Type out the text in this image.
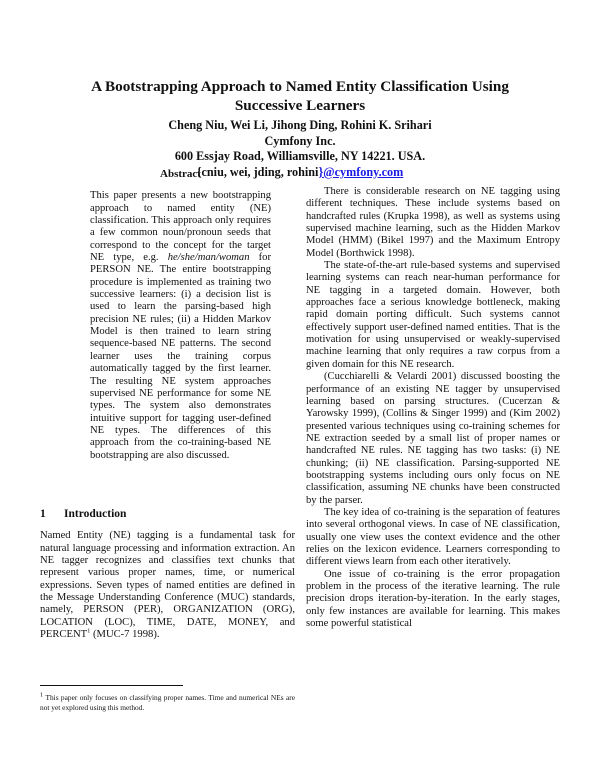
A Bootstrapping Approach to Named Entity Classification Using
Successive Learners
Cheng Niu, Wei Li, Jihong Ding, Rohini K. Srihari
Cymfony Inc.
600 Essjay Road, Williamsville, NY 14221. USA.
{cniu, wei, jding, rohini}@cymfony.com
Abstract

This paper presents a new bootstrapping approach to named entity (NE) classification. This approach only requires a few common noun/pronoun seeds that correspond to the concept for the target NE type, e.g. he/she/man/woman for PERSON NE. The entire bootstrapping procedure is implemented as training two successive learners: (i) a decision list is used to learn the parsing-based high precision NE rules; (ii) a Hidden Markov Model is then trained to learn string sequence-based NE patterns. The second learner uses the training corpus automatically tagged by the first learner. The resulting NE system approaches supervised NE performance for some NE types. The system also demonstrates intuitive support for tagging user-defined NE types. The differences of this approach from the co-training-based NE bootstrapping are also discussed.

1 Introduction

Named Entity (NE) tagging is a fundamental task for natural language processing and information extraction. An NE tagger recognizes and classifies text chunks that represent various proper names, time, or numerical expressions. Seven types of named entities are defined in the Message Understanding Conference (MUC) standards, namely, PERSON (PER), ORGANIZATION (ORG), LOCATION (LOC), TIME, DATE, MONEY, and PERCENT$^1$ (MUC-7 1998).

$^1$ This paper only focuses on classifying proper names. Time and numerical NEs are not yet explored using this method.

There is considerable research on NE tagging using different techniques. These include systems based on handcrafted rules (Krupka 1998), as well as systems using supervised machine learning, such as the Hidden Markov Model (HMM) (Bikel 1997) and the Maximum Entropy Model (Borthwick 1998).

The state-of-the-art rule-based systems and supervised learning systems can reach near-human performance for NE tagging in a targeted domain. However, both approaches face a serious knowledge bottleneck, making rapid domain porting difficult. Such systems cannot effectively support user-defined named entities. That is the motivation for using unsupervised or weakly-supervised machine learning that only requires a raw corpus from a given domain for this NE research.

(Cucchiarelli & Velardi 2001) discussed boosting the performance of an existing NE tagger by unsupervised learning based on parsing structures. (Cucerzan & Yarowsky 1999), (Collins & Singer 1999) and (Kim 2002) presented various techniques using co-training schemes for NE extraction seeded by a small list of proper names or handcrafted NE rules. NE tagging has two tasks: (i) NE chunking; (ii) NE classification. Parsing-supported NE bootstrapping systems including ours only focus on NE classification, assuming NE chunks have been constructed by the parser.

The key idea of co-training is the separation of features into several orthogonal views. In case of NE classification, usually one view uses the context evidence and the other relies on the lexicon evidence. Learners corresponding to different views learn from each other iteratively.

One issue of co-training is the error propagation problem in the process of the iterative learning. The rule precision drops iteration-by-iteration. In the early stages, only few instances are available for learning. This makes some powerful statistical
